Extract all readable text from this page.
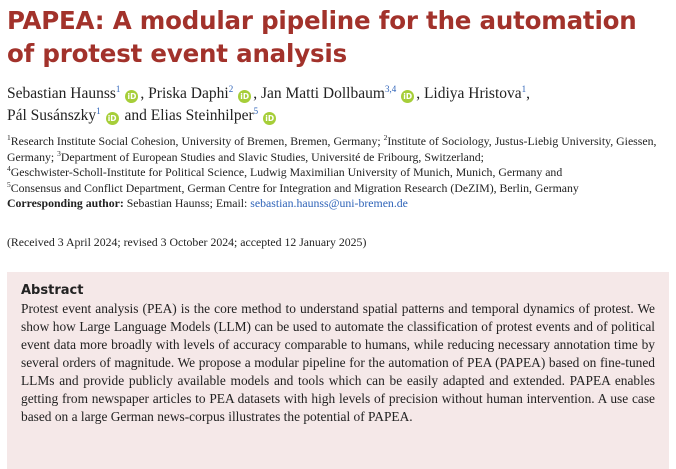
PAPEA: A modular pipeline for the automation of protest event analysis
Sebastian Haunss$^1$iD , Priska Daphi$^2$iD , Jan Matti Dollbaum$^{3,4}$iD , Lidiya Hristova$^1$,
Pál Susánszky$^1$iD and Elias Steinhilper$^5$iD
$^1$Research Institute Social Cohesion, University of Bremen, Bremen, Germany; $^2$Institute of Sociology, Justus-Liebig University, Giessen, Germany; $^3$Department of European Studies and Slavic Studies, Université de Fribourg, Switzerland;
$^4$Geschwister-Scholl-Institute for Political Science, Ludwig Maximilian University of Munich, Munich, Germany and
$^5$Consensus and Conflict Department, German Centre for Integration and Migration Research (DeZIM), Berlin, Germany
Corresponding author: Sebastian Haunss; Email: sebastian.haunss@uni-bremen.de
(Received 3 April 2024; revised 3 October 2024; accepted 12 January 2025)
Abstract

Protest event analysis (PEA) is the core method to understand spatial patterns and temporal dynamics of protest. We show how Large Language Models (LLM) can be used to automate the classification of protest events and of political event data more broadly with levels of accuracy comparable to humans, while reducing necessary annotation time by several orders of magnitude. We propose a modular pipeline for the automation of PEA (PAPEA) based on fine-tuned LLMs and provide publicly available models and tools which can be easily adapted and extended. PAPEA enables getting from newspaper articles to PEA datasets with high levels of precision without human intervention. A use case based on a large German news-corpus illustrates the potential of PAPEA.
